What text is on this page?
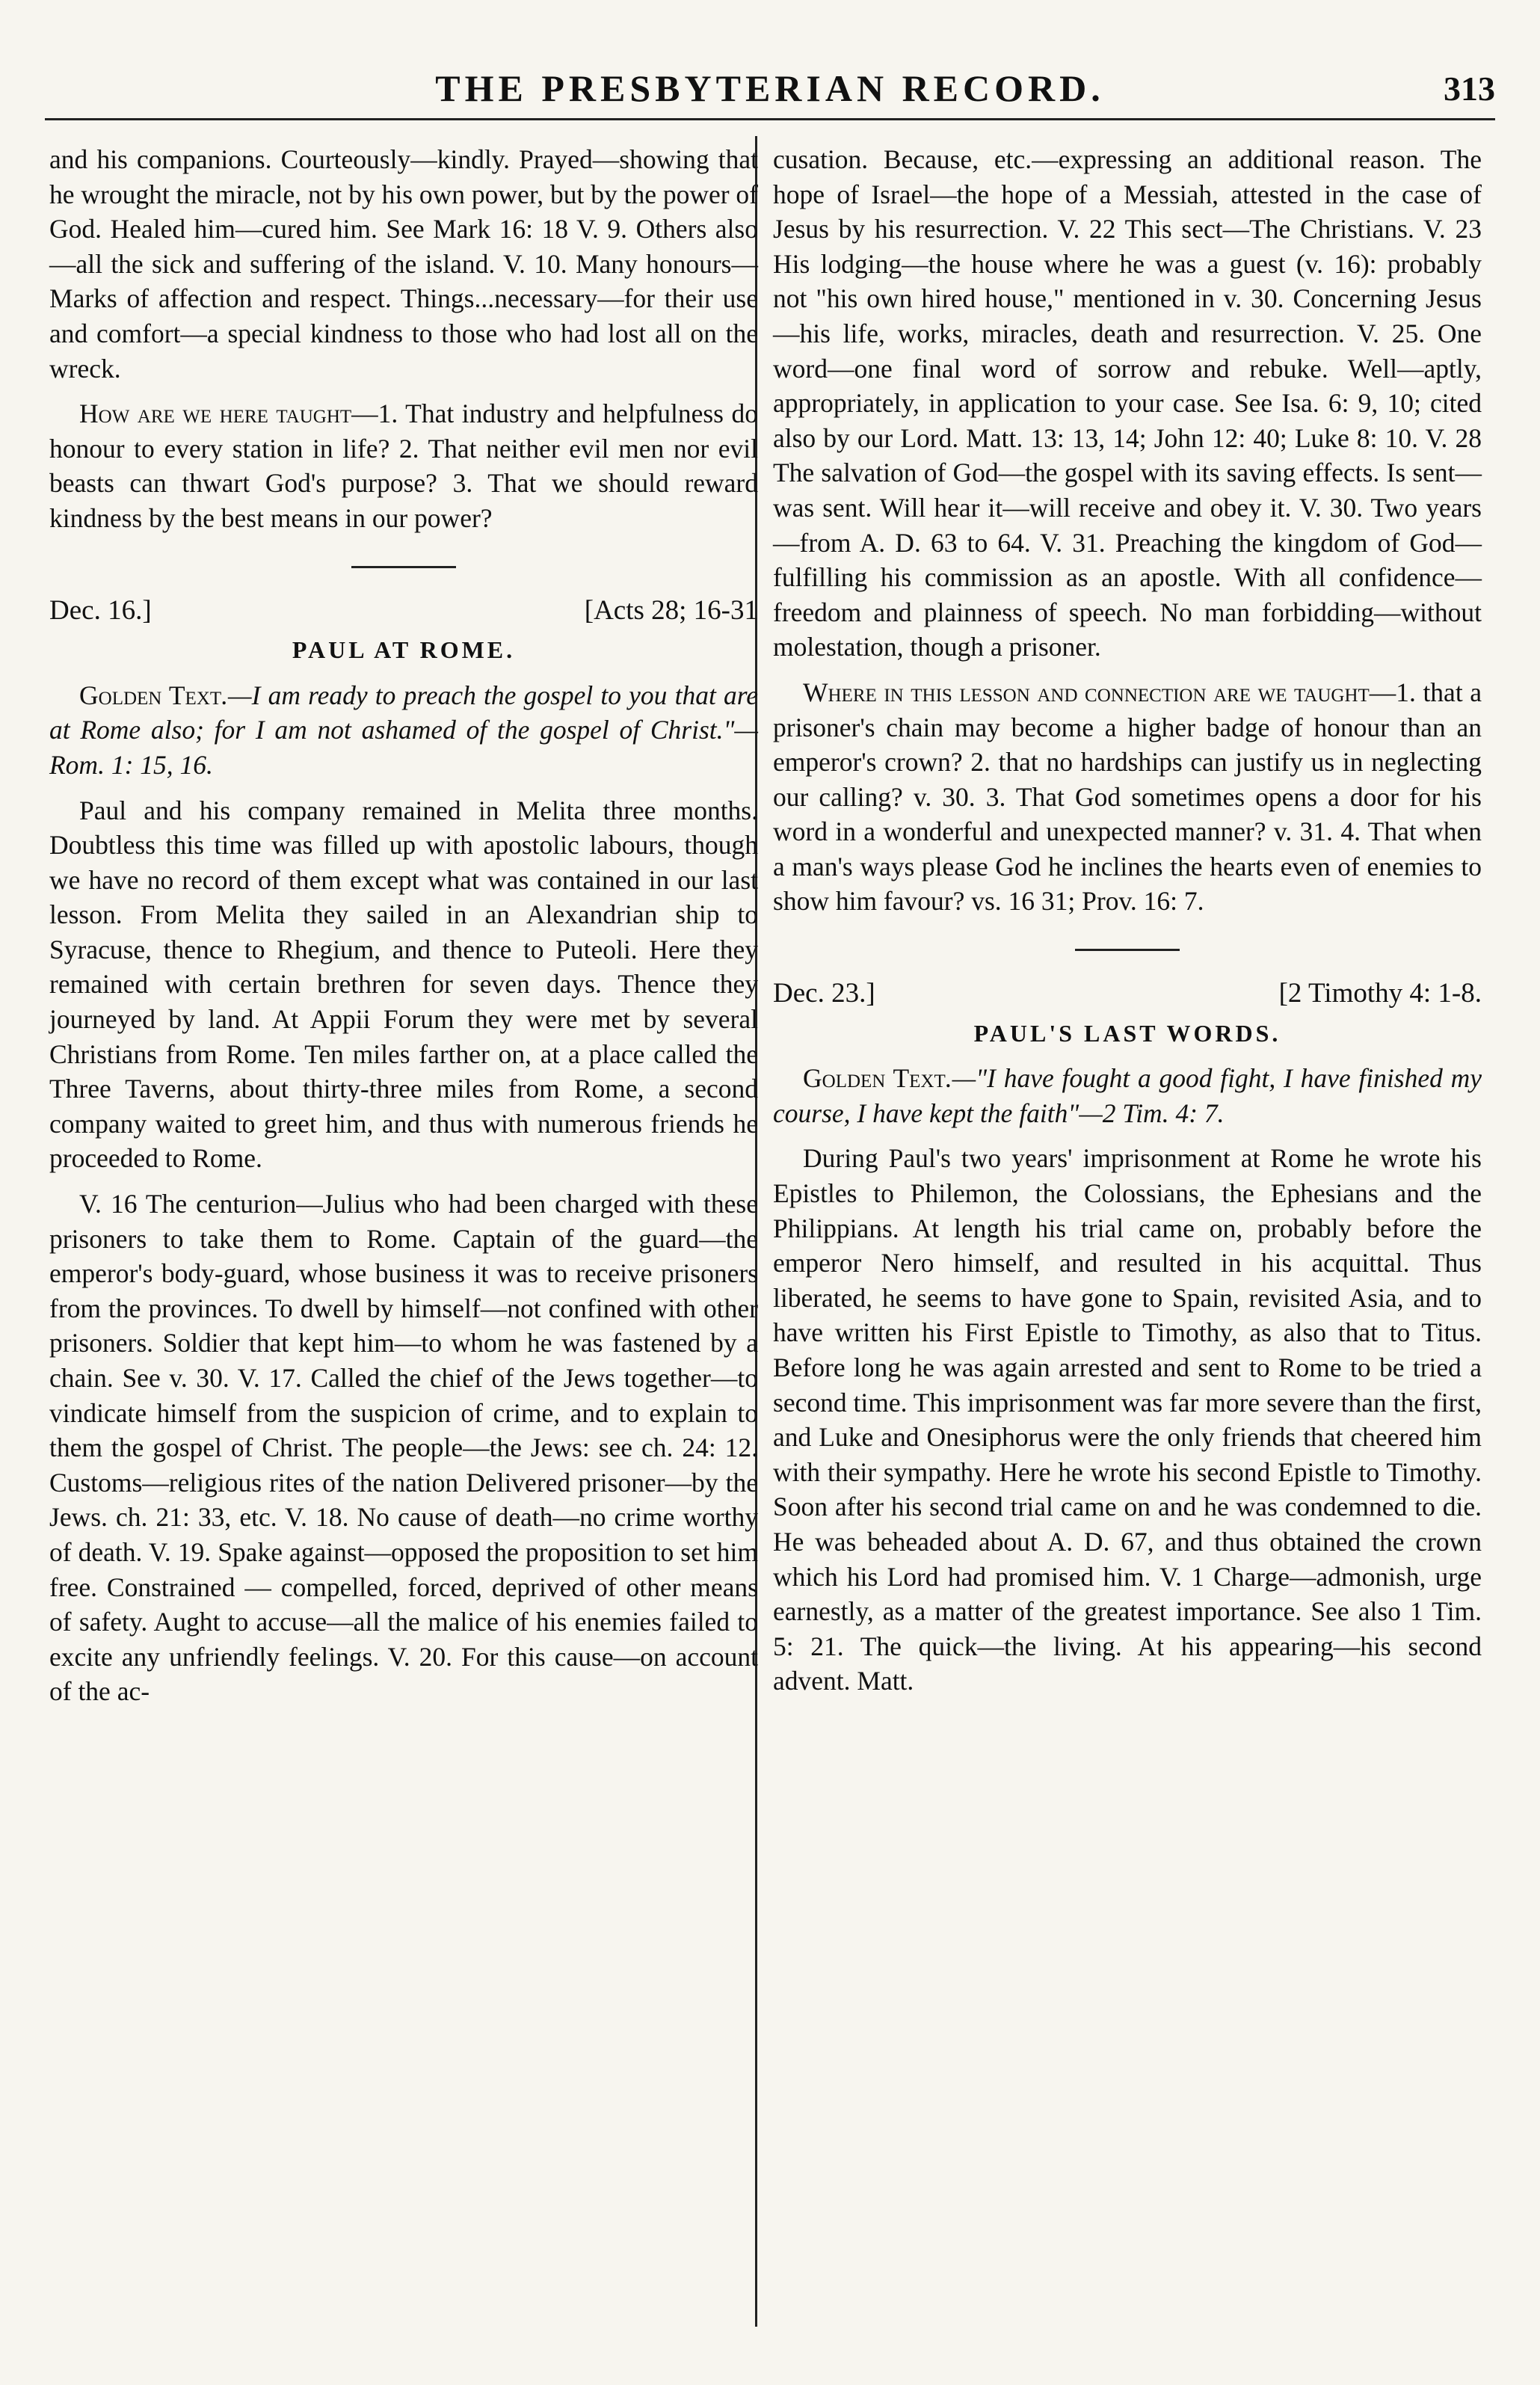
THE PRESBYTERIAN RECORD.	313

and his companions. Courteously—kindly. Prayed—showing that he wrought the miracle, not by his own power, but by the power of God. Healed him—cured him. See Mark 16: 18 V. 9. Others also—all the sick and suffering of the island. V. 10. Many honours—Marks of affection and respect. Things...necessary—for their use and comfort—a special kindness to those who had lost all on the wreck.

How are we here taught—1. That industry and helpfulness do honour to every station in life? 2. That neither evil men nor evil beasts can thwart God's purpose? 3. That we should reward kindness by the best means in our power?

Dec. 16.]	[Acts 28; 16-31
PAUL AT ROME.

Golden Text.—I am ready to preach the gospel to you that are at Rome also; for I am not ashamed of the gospel of Christ."— Rom. 1: 15, 16.

Paul and his company remained in Melita three months. Doubtless this time was filled up with apostolic labours, though we have no record of them except what was contained in our last lesson. From Melita they sailed in an Alexandrian ship to Syracuse, thence to Rhegium, and thence to Puteoli. Here they remained with certain brethren for seven days. Thence they journeyed by land. At Appii Forum they were met by several Christians from Rome. Ten miles farther on, at a place called the Three Taverns, about thirty-three miles from Rome, a second company waited to greet him, and thus with numerous friends he proceeded to Rome.

V. 16 The centurion—Julius who had been charged with these prisoners to take them to Rome. Captain of the guard—the emperor's body-guard, whose business it was to receive prisoners from the provinces. To dwell by himself—not confined with other prisoners. Soldier that kept him—to whom he was fastened by a chain. See v. 30. V. 17. Called the chief of the Jews together—to vindicate himself from the suspicion of crime, and to explain to them the gospel of Christ. The people—the Jews: see ch. 24: 12. Customs—religious rites of the nation Delivered prisoner—by the Jews. ch. 21: 33, etc. V. 18. No cause of death—no crime worthy of death. V. 19. Spake against—opposed the proposition to set him free. Constrained — compelled, forced, deprived of other means of safety. Aught to accuse—all the malice of his enemies failed to excite any unfriendly feelings. V. 20. For this cause—on account of the ac-

cusation. Because, etc.—expressing an additional reason. The hope of Israel—the hope of a Messiah, attested in the case of Jesus by his resurrection. V. 22 This sect—The Christians. V. 23 His lodging—the house where he was a guest (v. 16): probably not "his own hired house," mentioned in v. 30. Concerning Jesus—his life, works, miracles, death and resurrection. V. 25. One word—one final word of sorrow and rebuke. Well—aptly, appropriately, in application to your case. See Isa. 6: 9, 10; cited also by our Lord. Matt. 13: 13, 14; John 12: 40; Luke 8: 10. V. 28 The salvation of God—the gospel with its saving effects. Is sent—was sent. Will hear it—will receive and obey it. V. 30. Two years—from A. D. 63 to 64. V. 31. Preaching the kingdom of God—fulfilling his commission as an apostle. With all confidence—freedom and plainness of speech. No man forbidding—without molestation, though a prisoner.

Where in this lesson and connection are we taught—1. that a prisoner's chain may become a higher badge of honour than an emperor's crown? 2. that no hardships can justify us in neglecting our calling? v. 30. 3. That God sometimes opens a door for his word in a wonderful and unexpected manner? v. 31. 4. That when a man's ways please God he inclines the hearts even of enemies to show him favour? vs. 16 31; Prov. 16: 7.

Dec. 23.]	[2 Timothy 4: 1-8.
PAUL'S LAST WORDS.

Golden Text.—"I have fought a good fight, I have finished my course, I have kept the faith"—2 Tim. 4: 7.

During Paul's two years' imprisonment at Rome he wrote his Epistles to Philemon, the Colossians, the Ephesians and the Philippians. At length his trial came on, probably before the emperor Nero himself, and resulted in his acquittal. Thus liberated, he seems to have gone to Spain, revisited Asia, and to have written his First Epistle to Timothy, as also that to Titus. Before long he was again arrested and sent to Rome to be tried a second time. This imprisonment was far more severe than the first, and Luke and Onesiphorus were the only friends that cheered him with their sympathy. Here he wrote his second Epistle to Timothy. Soon after his second trial came on and he was condemned to die. He was beheaded about A. D. 67, and thus obtained the crown which his Lord had promised him. V. 1 Charge—admonish, urge earnestly, as a matter of the greatest importance. See also 1 Tim. 5: 21. The quick—the living. At his appearing—his second advent. Matt.
